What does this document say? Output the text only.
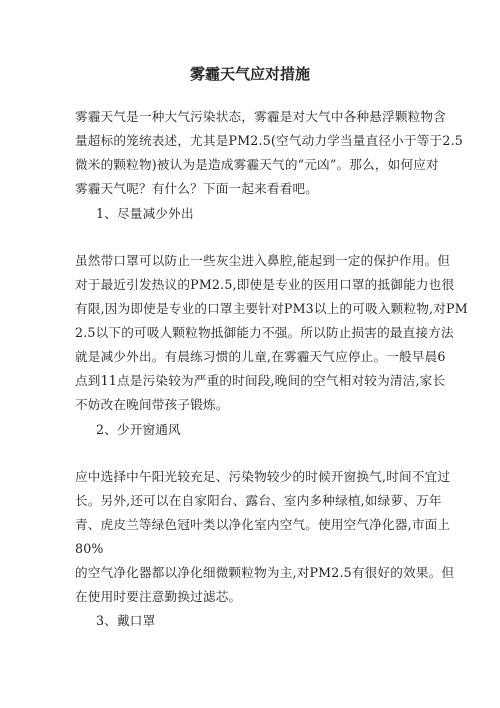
雾霾天气应对措施

雾霾天气是一种大气污染状态，雾霾是对大气中各种悬浮颗粒物含

量超标的笼统表述，尤其是PM2.5(空气动力学当量直径小于等于2.5

微米的颗粒物)被认为是造成雾霾天气的“元凶”。那么，如何应对

雾霾天气呢？有什么？下面一起来看看吧。

1、尽量减少外出

虽然带口罩可以防止一些灰尘进入鼻腔,能起到一定的保护作用。但

对于最近引发热议的PM2.5,即使是专业的医用口罩的抵御能力也很

有限,因为即使是专业的口罩主要针对PM3以上的可吸入颗粒物,对PM

2.5以下的可吸人颗粒物抵御能力不强。所以防止损害的最直接方法

就是减少外出。有晨练习惯的儿童,在雾霾天气应停止。一般早晨6

点到11点是污染较为严重的时间段,晚间的空气相对较为清洁,家长

不妨改在晚间带孩子锻炼。

2、少开窗通风

应中选择中午阳光较充足、污染物较少的时候开窗换气,时间不宜过

长。另外,还可以在自家阳台、露台、室内多种绿植,如绿萝、万年

青、虎皮兰等绿色冠叶类以净化室内空气。使用空气净化器,市面上

80%

的空气净化器都以净化细微颗粒物为主,对PM2.5有很好的效果。但

在使用时要注意勤换过滤芯。

3、戴口罩
